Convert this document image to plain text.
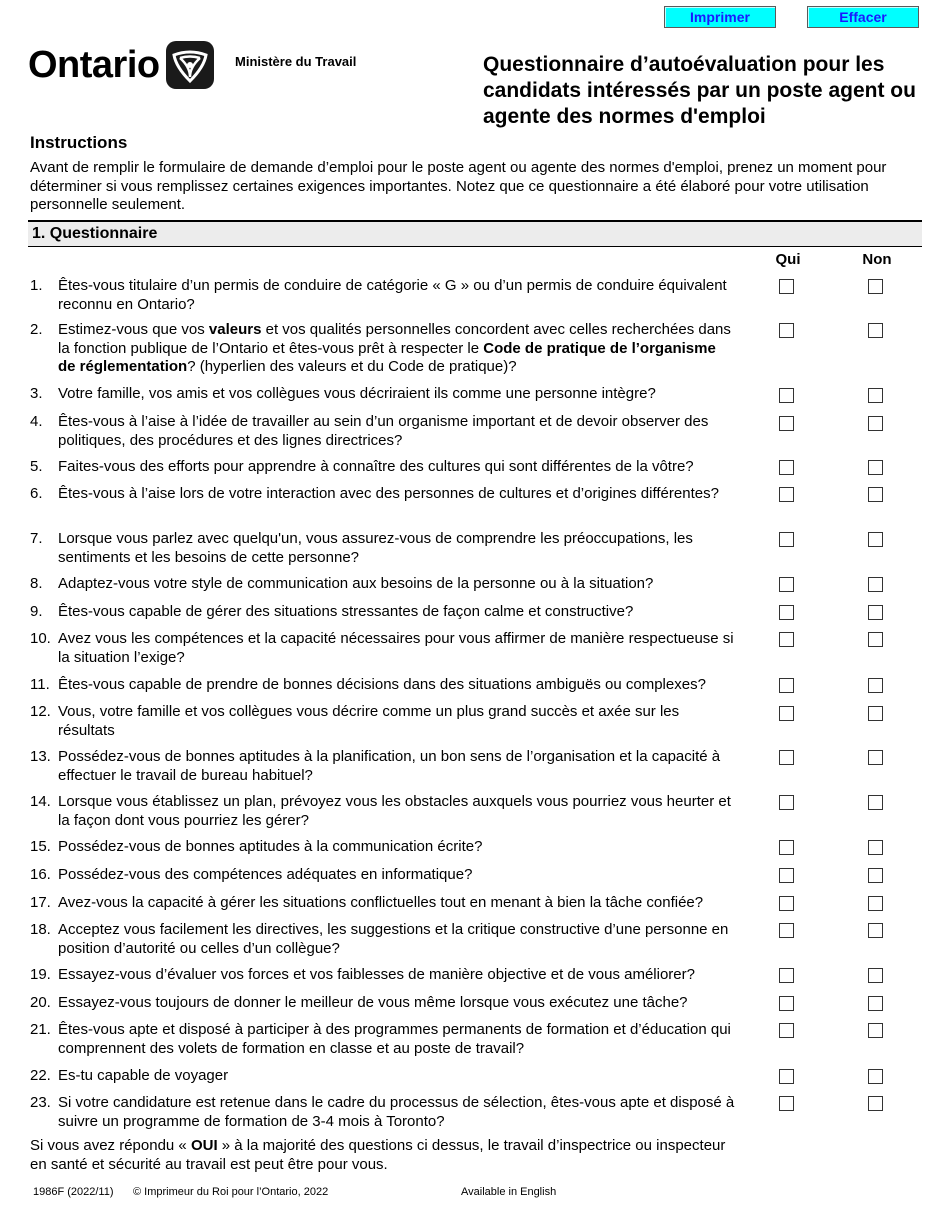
Imprimer	Effacer
Ontario	Ministère du Travail	Questionnaire d’autoévaluation pour les candidats intéressés par un poste agent ou agente des normes d'emploi
Instructions
Avant de remplir le formulaire de demande d’emploi pour le poste agent ou agente des normes d'emploi, prenez un moment pour déterminer si vous remplissez certaines exigences importantes. Notez que ce questionnaire a été élaboré pour votre utilisation personnelle seulement.
1. Questionnaire
Qui	Non
1. Êtes-vous titulaire d’un permis de conduire de catégorie « G » ou d’un permis de conduire équivalent reconnu en Ontario?
2. Estimez-vous que vos valeurs et vos qualités personnelles concordent avec celles recherchées dans la fonction publique de l’Ontario et êtes-vous prêt à respecter le Code de pratique de l’organisme de réglementation? (hyperlien des valeurs et du Code de pratique)?
3. Votre famille, vos amis et vos collègues vous décriraient ils comme une personne intègre?
4. Êtes-vous à l’aise à l’idée de travailler au sein d’un organisme important et de devoir observer des politiques, des procédures et des lignes directrices?
5. Faites-vous des efforts pour apprendre à connaître des cultures qui sont différentes de la vôtre?
6. Êtes-vous à l’aise lors de votre interaction avec des personnes de cultures et d’origines différentes?
7. Lorsque vous parlez avec quelqu'un, vous assurez-vous de comprendre les préoccupations, les sentiments et les besoins de cette personne?
8. Adaptez-vous votre style de communication aux besoins de la personne ou à la situation?
9. Êtes-vous capable de gérer des situations stressantes de façon calme et constructive?
10. Avez vous les compétences et la capacité nécessaires pour vous affirmer de manière respectueuse si la situation l’exige?
11. Êtes-vous capable de prendre de bonnes décisions dans des situations ambiguës ou complexes?
12. Vous, votre famille et vos collègues vous décrire comme un plus grand succès et axée sur les résultats
13. Possédez-vous de bonnes aptitudes à la planification, un bon sens de l’organisation et la capacité à effectuer le travail de bureau habituel?
14. Lorsque vous établissez un plan, prévoyez vous les obstacles auxquels vous pourriez vous heurter et la façon dont vous pourriez les gérer?
15. Possédez-vous de bonnes aptitudes à la communication écrite?
16. Possédez-vous des compétences adéquates en informatique?
17. Avez-vous la capacité à gérer les situations conflictuelles tout en menant à bien la tâche confiée?
18. Acceptez vous facilement les directives, les suggestions et la critique constructive d’une personne en position d’autorité ou celles d’un collègue?
19. Essayez-vous d’évaluer vos forces et vos faiblesses de manière objective et de vous améliorer?
20. Essayez-vous toujours de donner le meilleur de vous même lorsque vous exécutez une tâche?
21. Êtes-vous apte et disposé à participer à des programmes permanents de formation et d’éducation qui comprennent des volets de formation en classe et au poste de travail?
22. Es-tu capable de voyager
23. Si votre candidature est retenue dans le cadre du processus de sélection, êtes-vous apte et disposé à suivre un programme de formation de 3-4 mois à Toronto?
Si vous avez répondu « OUI » à la majorité des questions ci dessus, le travail d’inspectrice ou inspecteur en santé et sécurité au travail est peut être pour vous.
1986F (2022/11) © Imprimeur du Roi pour l’Ontario, 2022	Available in English
